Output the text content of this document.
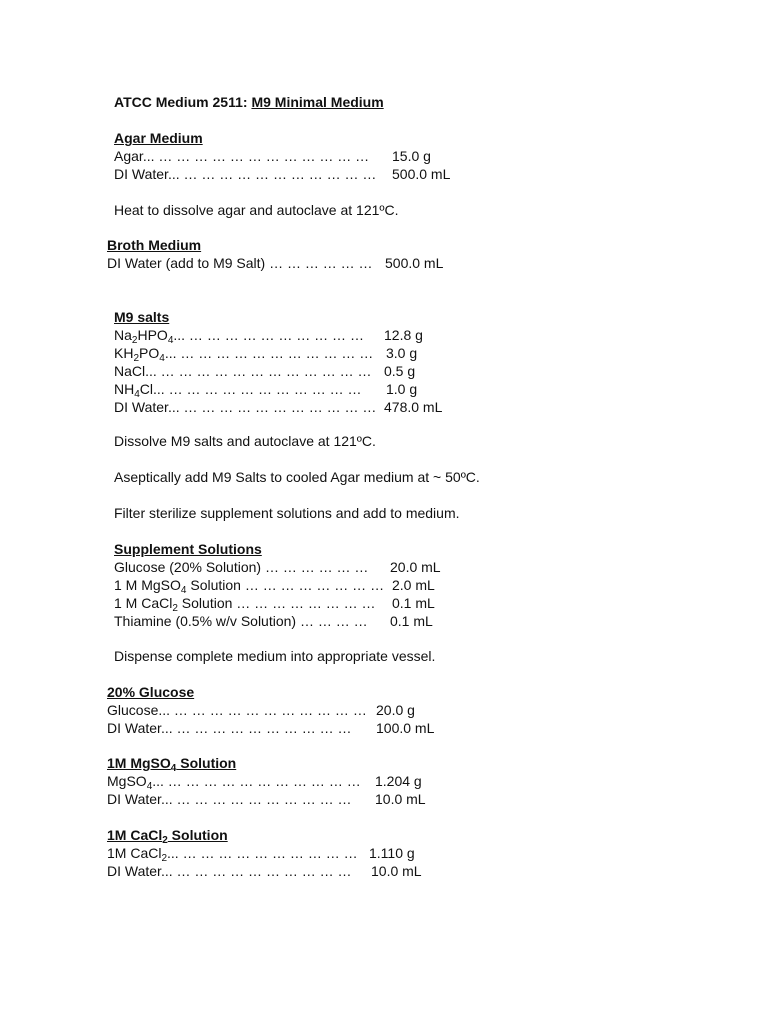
ATCC Medium 2511: M9 Minimal Medium
Agar Medium
Agar... … … … … … … … … … … … … 15.0 g
DI Water... … … … … … … … … … … … 500.0 mL
Heat to dissolve agar and autoclave at 121ºC.
Broth Medium
DI Water (add to M9 Salt) … … … … … … 500.0 mL
M9 salts
$Na_2HPO_4$... … … … … … … … … … … 12.8 g
$KH_2PO_4$... … … … … … … … … … … … 3.0 g
NaCl... … … … … … … … … … … … … 0.5 g
$NH_4Cl$... … … … … … … … … … … … 1.0 g
DI Water... … … … … … … … … … … … 478.0 mL
Dissolve M9 salts and autoclave at 121ºC.
Aseptically add M9 Salts to cooled Agar medium at ~ 50ºC.
Filter sterilize supplement solutions and add to medium.
Supplement Solutions
Glucose (20% Solution) … … … … … … 20.0 mL
1 M MgSO$_4$ Solution … … … … … … … … 2.0 mL
1 M CaCl$_2$ Solution … … … … … … … … 0.1 mL
Thiamine (0.5% w/v Solution) … … … … 0.1 mL
Dispense complete medium into appropriate vessel.
20% Glucose
Glucose... … … … … … … … … … … … 20.0 g
DI Water... … … … … … … … … … … 100.0 mL
1M MgSO$_4$ Solution
MgSO$_4$... … … … … … … … … … … … 1.204 g
DI Water... … … … … … … … … … … 10.0 mL
1M CaCl$_2$ Solution
1M CaCl$_2$... … … … … … … … … … … 1.110 g
DI Water... … … … … … … … … … … 10.0 mL
